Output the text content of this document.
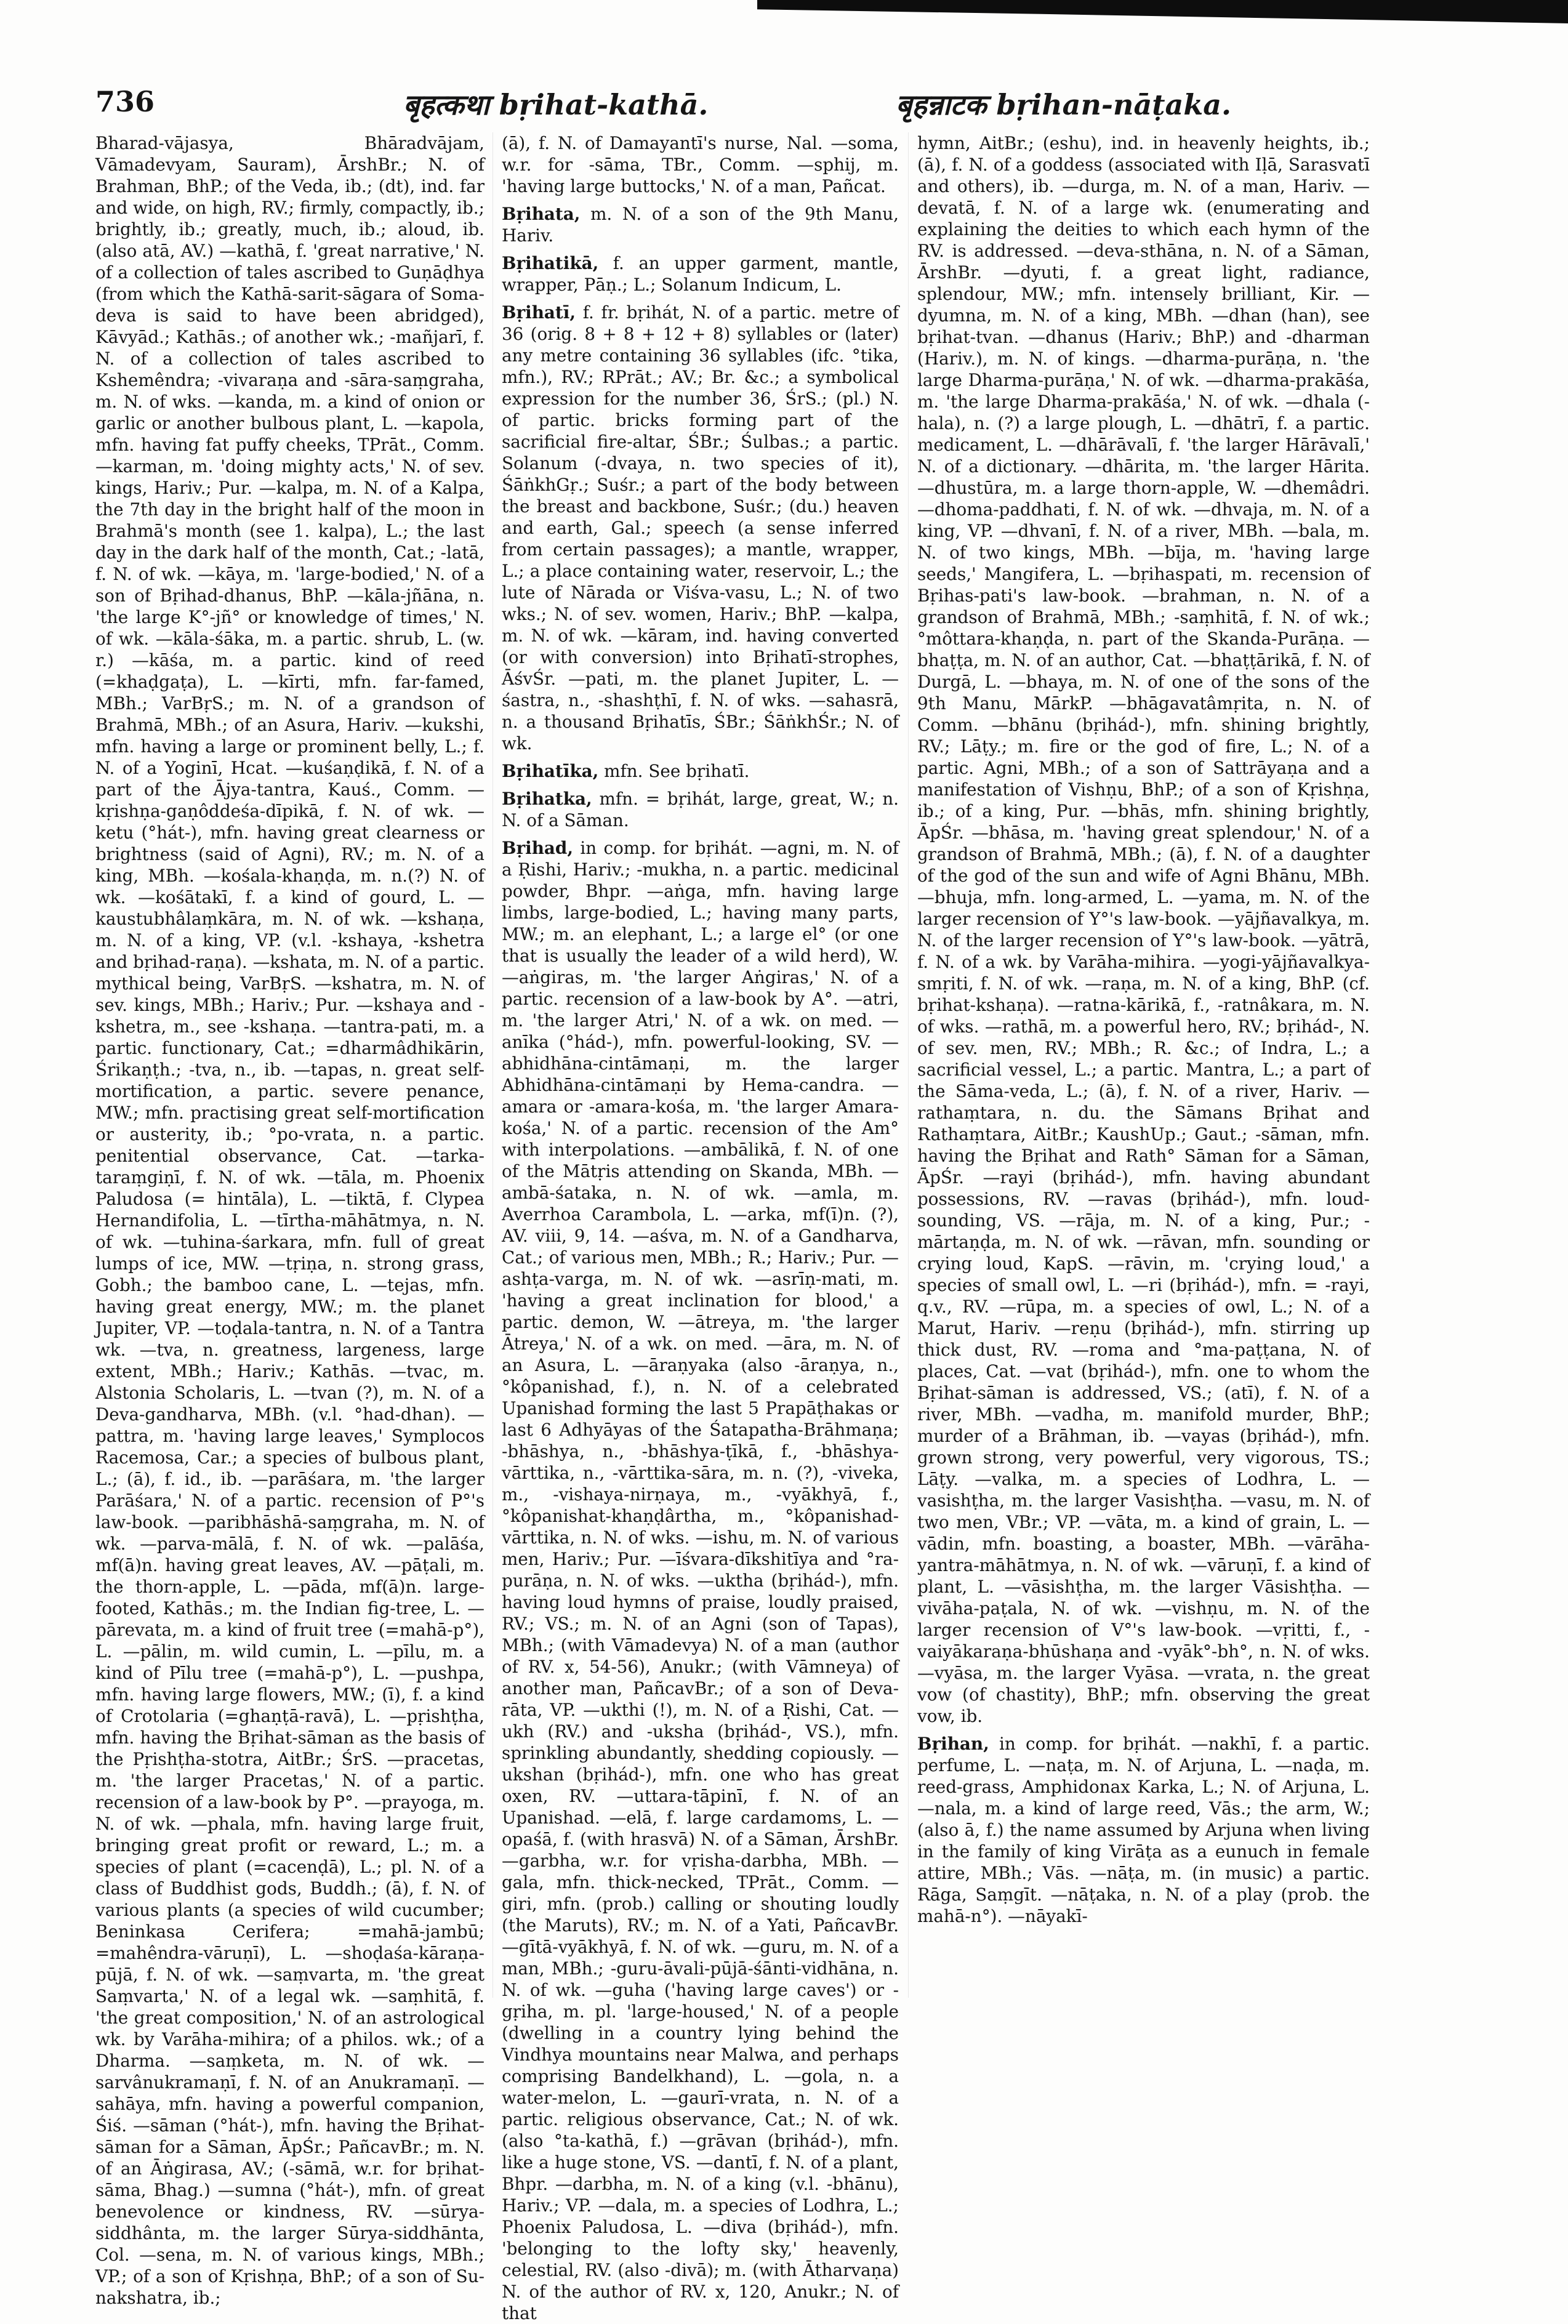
736	बृहत्कथा bṛihat-kathā.	बृहन्नाटक bṛihan-nāṭaka.

Bharad-vājasya, Bhāradvājam, Vāmadevyam, Sauram), ĀrshBr.; N. of Brahman, BhP.; of the Veda, ib.; (dt), ind. far and wide, on high, RV.; firmly, compactly, ib.; brightly, ib.; greatly, much, ib.; aloud, ib. (also atā, AV.) —kathā, f. 'great narrative,' N. of a collection of tales ascribed to Guṇāḍhya (from which the Kathā-sarit-sāgara of Soma-deva is said to have been abridged), Kāvyād.; Kathās.; of another wk.; -mañjarī, f. N. of a collection of tales ascribed to Kshemêndra; -vivaraṇa and -sāra-saṃgraha, m. N. of wks. —kanda, m. a kind of onion or garlic or another bulbous plant, L. —kapola, mfn. having fat puffy cheeks, TPrāt., Comm. —karman, m. 'doing mighty acts,' N. of sev. kings, Hariv.; Pur. —kalpa, m. N. of a Kalpa, the 7th day in the bright half of the moon in Brahmā's month (see 1. kalpa), L.; the last day in the dark half of the month, Cat.; -latā, f. N. of wk. —kāya, m. 'large-bodied,' N. of a son of Bṛihad-dhanus, BhP. —kāla-jñāna, n. 'the large K°-jñ° or knowledge of times,' N. of wk. —kāla-śāka, m. a partic. shrub, L. (w. r.) —kāśa, m. a partic. kind of reed (=khaḍgaṭa), L. —kīrti, mfn. far-famed, MBh.; VarBṛS.; m. N. of a grandson of Brahmā, MBh.; of an Asura, Hariv. —kukshi, mfn. having a large or prominent belly, L.; f. N. of a Yoginī, Hcat. —kuśaṇḍikā, f. N. of a part of the Ājya-tantra, Kauś., Comm. —kṛishṇa-gaṇôddeśa-dīpikā, f. N. of wk. —ketu (°hát-), mfn. having great clearness or brightness (said of Agni), RV.; m. N. of a king, MBh. —kośala-khaṇḍa, m. n.(?) N. of wk. —kośātakī, f. a kind of gourd, L. —kaustubhâlaṃkāra, m. N. of wk. —kshaṇa, m. N. of a king, VP. (v.l. -kshaya, -kshetra and bṛihad-raṇa). —kshata, m. N. of a partic. mythical being, VarBṛS. —kshatra, m. N. of sev. kings, MBh.; Hariv.; Pur. —kshaya and -kshetra, m., see -kshaṇa. —tantra-pati, m. a partic. functionary, Cat.; =dharmâdhikārin, Śrikaṇṭh.; -tva, n., ib. —tapas, n. great self-mortification, a partic. severe penance, MW.; mfn. practising great self-mortification or austerity, ib.; °po-vrata, n. a partic. penitential observance, Cat. —tarka-taraṃgiṇī, f. N. of wk. —tāla, m. Phoenix Paludosa (= hintāla), L. —tiktā, f. Clypea Hernandifolia, L. —tīrtha-māhātmya, n. N. of wk. —tuhina-śarkara, mfn. full of great lumps of ice, MW. —tṛiṇa, n. strong grass, Gobh.; the bamboo cane, L. —tejas, mfn. having great energy, MW.; m. the planet Jupiter, VP. —toḍala-tantra, n. N. of a Tantra wk. —tva, n. greatness, largeness, large extent, MBh.; Hariv.; Kathās. —tvac, m. Alstonia Scholaris, L. —tvan (?), m. N. of a Deva-gandharva, MBh. (v.l. °had-dhan). —pattra, m. 'having large leaves,' Symplocos Racemosa, Car.; a species of bulbous plant, L.; (ā), f. id., ib. —parāśara, m. 'the larger Parāśara,' N. of a partic. recension of P°'s law-book. —paribhāshā-saṃgraha, m. N. of wk. —parva-mālā, f. N. of wk. —palāśa, mf(ā)n. having great leaves, AV. —pāṭali, m. the thorn-apple, L. —pāda, mf(ā)n. large-footed, Kathās.; m. the Indian fig-tree, L. —pārevata, m. a kind of fruit tree (=mahā-p°), L. —pālin, m. wild cumin, L. —pīlu, m. a kind of Pīlu tree (=mahā-p°), L. —pushpa, mfn. having large flowers, MW.; (ī), f. a kind of Crotolaria (=ghaṇṭā-ravā), L. —pṛishṭha, mfn. having the Bṛihat-sāman as the basis of the Pṛishṭha-stotra, AitBr.; ŚrS. —pracetas, m. 'the larger Pracetas,' N. of a partic. recension of a law-book by P°. —prayoga, m. N. of wk. —phala, mfn. having large fruit, bringing great profit or reward, L.; m. a species of plant (=cacenḍā), L.; pl. N. of a class of Buddhist gods, Buddh.; (ā), f. N. of various plants (a species of wild cucumber; Beninkasa Cerifera; =mahā-jambū; =mahêndra-vāruṇī), L. —shoḍaśa-kāraṇa-pūjā, f. N. of wk. —saṃvarta, m. 'the great Saṃvarta,' N. of a legal wk. —saṃhitā, f. 'the great composition,' N. of an astrological wk. by Varāha-mihira; of a philos. wk.; of a Dharma. —saṃketa, m. N. of wk. —sarvânukramaṇī, f. N. of an Anukramaṇī. —sahāya, mfn. having a powerful companion, Śiś. —sāman (°hát-), mfn. having the Bṛihat-sāman for a Sāman, ĀpŚr.; PañcavBr.; m. N. of an Āṅgirasa, AV.; (-sāmā, w.r. for bṛihat-sāma, Bhag.) —sumna (°hát-), mfn. of great benevolence or kindness, RV. —sūrya-siddhânta, m. the larger Sūrya-siddhānta, Col. —sena, m. N. of various kings, MBh.; VP.; of a son of Kṛishṇa, BhP.; of a son of Su-nakshatra, ib.;

(ā), f. N. of Damayantī's nurse, Nal. —soma, w.r. for -sāma, TBr., Comm. —sphij, m. 'having large buttocks,' N. of a man, Pañcat.

Bṛihata, m. N. of a son of the 9th Manu, Hariv.

Bṛihatikā, f. an upper garment, mantle, wrapper, Pāṇ.; L.; Solanum Indicum, L.

Bṛihatī, f. fr. bṛihát, N. of a partic. metre of 36 (orig. 8 + 8 + 12 + 8) syllables or (later) any metre containing 36 syllables (ifc. °tika, mfn.), RV.; RPrāt.; AV.; Br. &c.; a symbolical expression for the number 36, ŚrS.; (pl.) N. of partic. bricks forming part of the sacrificial fire-altar, ŚBr.; Śulbas.; a partic. Solanum (-dvaya, n. two species of it), ŚāṅkhGṛ.; Suśr.; a part of the body between the breast and backbone, Suśr.; (du.) heaven and earth, Gal.; speech (a sense inferred from certain passages); a mantle, wrapper, L.; a place containing water, reservoir, L.; the lute of Nārada or Viśva-vasu, L.; N. of two wks.; N. of sev. women, Hariv.; BhP. —kalpa, m. N. of wk. —kāram, ind. having converted (or with conversion) into Bṛihatī-strophes, ĀśvŚr. —pati, m. the planet Jupiter, L. —śastra, n., -shashṭhī, f. N. of wks. —sahasrā, n. a thousand Bṛihatīs, ŚBr.; ŚāṅkhŚr.; N. of wk.

Bṛihatīka, mfn. See bṛihatī.

Bṛihatka, mfn. = bṛihát, large, great, W.; n. N. of a Sāman.

Bṛihad, in comp. for bṛihát. —agni, m. N. of a Ṛishi, Hariv.; -mukha, n. a partic. medicinal powder, Bhpr. —aṅga, mfn. having large limbs, large-bodied, L.; having many parts, MW.; m. an elephant, L.; a large el° (or one that is usually the leader of a wild herd), W. —aṅgiras, m. 'the larger Aṅgiras,' N. of a partic. recension of a law-book by A°. —atri, m. 'the larger Atri,' N. of a wk. on med. —anīka (°hád-), mfn. powerful-looking, SV. —abhidhāna-cintāmaṇi, m. the larger Abhidhāna-cintāmaṇi by Hema-candra. —amara or -amara-kośa, m. 'the larger Amara-kośa,' N. of a partic. recension of the Am° with interpolations. —ambālikā, f. N. of one of the Mātṛis attending on Skanda, MBh. —ambā-śataka, n. N. of wk. —amla, m. Averrhoa Carambola, L. —arka, mf(ī)n. (?), AV. viii, 9, 14. —aśva, m. N. of a Gandharva, Cat.; of various men, MBh.; R.; Hariv.; Pur. —ashṭa-varga, m. N. of wk. —asrīṇ-mati, m. 'having a great inclination for blood,' a partic. demon, W. —ātreya, m. 'the larger Ātreya,' N. of a wk. on med. —āra, m. N. of an Asura, L. —āraṇyaka (also -āraṇya, n., °kôpanishad, f.), n. N. of a celebrated Upanishad forming the last 5 Prapāṭhakas or last 6 Adhyāyas of the Śatapatha-Brāhmaṇa; -bhāshya, n., -bhāshya-ṭīkā, f., -bhāshya-vārttika, n., -vārttika-sāra, m. n. (?), -viveka, m., -vishaya-nirṇaya, m., -vyākhyā, f., °kôpanishat-khaṇḍârtha, m., °kôpanishad-vārttika, n. N. of wks. —ishu, m. N. of various men, Hariv.; Pur. —īśvara-dīkshitīya and °ra-purāṇa, n. N. of wks. —uktha (bṛihád-), mfn. having loud hymns of praise, loudly praised, RV.; VS.; m. N. of an Agni (son of Tapas), MBh.; (with Vāmadevya) N. of a man (author of RV. x, 54-56), Anukr.; (with Vāmneya) of another man, PañcavBr.; of a son of Deva-rāta, VP. —ukthi (!), m. N. of a Ṛishi, Cat. —ukh (RV.) and -uksha (bṛihád-, VS.), mfn. sprinkling abundantly, shedding copiously. —ukshan (bṛihád-), mfn. one who has great oxen, RV. —uttara-tāpinī, f. N. of an Upanishad. —elā, f. large cardamoms, L. —opaśā, f. (with hrasvā) N. of a Sāman, ĀrshBr. —garbha, w.r. for vṛisha-darbha, MBh. —gala, mfn. thick-necked, TPrāt., Comm. —giri, mfn. (prob.) calling or shouting loudly (the Maruts), RV.; m. N. of a Yati, PañcavBr. —gītā-vyākhyā, f. N. of wk. —guru, m. N. of a man, MBh.; -guru-āvali-pūjā-śānti-vidhāna, n. N. of wk. —guha ('having large caves') or -gṛiha, m. pl. 'large-housed,' N. of a people (dwelling in a country lying behind the Vindhya mountains near Malwa, and perhaps comprising Bandelkhand), L. —gola, n. a water-melon, L. —gaurī-vrata, n. N. of a partic. religious observance, Cat.; N. of wk. (also °ta-kathā, f.) —grāvan (bṛihád-), mfn. like a huge stone, VS. —dantī, f. N. of a plant, Bhpr. —darbha, m. N. of a king (v.l. -bhānu), Hariv.; VP. —dala, m. a species of Lodhra, L.; Phoenix Paludosa, L. —diva (bṛihád-), mfn. 'belonging to the lofty sky,' heavenly, celestial, RV. (also -divā); m. (with Ātharvaṇa) N. of the author of RV. x, 120, Anukr.; N. of that

hymn, AitBr.; (eshu), ind. in heavenly heights, ib.; (ā), f. N. of a goddess (associated with Iḷā, Sarasvatī and others), ib. —durga, m. N. of a man, Hariv. —devatā, f. N. of a large wk. (enumerating and explaining the deities to which each hymn of the RV. is addressed. —deva-sthāna, n. N. of a Sāman, ĀrshBr. —dyuti, f. a great light, radiance, splendour, MW.; mfn. intensely brilliant, Kir. —dyumna, m. N. of a king, MBh. —dhan (han), see bṛihat-tvan. —dhanus (Hariv.; BhP.) and -dharman (Hariv.), m. N. of kings. —dharma-purāṇa, n. 'the large Dharma-purāṇa,' N. of wk. —dharma-prakāśa, m. 'the large Dharma-prakāśa,' N. of wk. —dhala (-hala), n. (?) a large plough, L. —dhātrī, f. a partic. medicament, L. —dhārāvalī, f. 'the larger Hārāvalī,' N. of a dictionary. —dhārita, m. 'the larger Hārita. —dhustūra, m. a large thorn-apple, W. —dhemâdri. —dhoma-paddhati, f. N. of wk. —dhvaja, m. N. of a king, VP. —dhvanī, f. N. of a river, MBh. —bala, m. N. of two kings, MBh. —bīja, m. 'having large seeds,' Mangifera, L. —bṛihaspati, m. recension of Bṛihas-pati's law-book. —brahman, n. N. of a grandson of Brahmā, MBh.; -saṃhitā, f. N. of wk.; °môttara-khaṇḍa, n. part of the Skanda-Purāṇa. —bhaṭṭa, m. N. of an author, Cat. —bhaṭṭārikā, f. N. of Durgā, L. —bhaya, m. N. of one of the sons of the 9th Manu, MārkP. —bhāgavatâmṛita, n. N. of Comm. —bhānu (bṛihád-), mfn. shining brightly, RV.; Lāṭy.; m. fire or the god of fire, L.; N. of a partic. Agni, MBh.; of a son of Sattrāyaṇa and a manifestation of Vishṇu, BhP.; of a son of Kṛishṇa, ib.; of a king, Pur. —bhās, mfn. shining brightly, ĀpŚr. —bhāsa, m. 'having great splendour,' N. of a grandson of Brahmā, MBh.; (ā), f. N. of a daughter of the god of the sun and wife of Agni Bhānu, MBh. —bhuja, mfn. long-armed, L. —yama, m. N. of the larger recension of Y°'s law-book. —yājñavalkya, m. N. of the larger recension of Y°'s law-book. —yātrā, f. N. of a wk. by Varāha-mihira. —yogi-yājñavalkya-smṛiti, f. N. of wk. —raṇa, m. N. of a king, BhP. (cf. bṛihat-kshaṇa). —ratna-kārikā, f., -ratnâkara, m. N. of wks. —rathā, m. a powerful hero, RV.; bṛihád-, N. of sev. men, RV.; MBh.; R. &c.; of Indra, L.; a sacrificial vessel, L.; a partic. Mantra, L.; a part of the Sāma-veda, L.; (ā), f. N. of a river, Hariv. —rathaṃtara, n. du. the Sāmans Bṛihat and Rathaṃtara, AitBr.; KaushUp.; Gaut.; -sāman, mfn. having the Bṛihat and Rath° Sāman for a Sāman, ĀpŚr. —rayi (bṛihád-), mfn. having abundant possessions, RV. —ravas (bṛihád-), mfn. loud-sounding, VS. —rāja, m. N. of a king, Pur.; -mārtaṇḍa, m. N. of wk. —rāvan, mfn. sounding or crying loud, KapS. —rāvin, m. 'crying loud,' a species of small owl, L. —ri (bṛihád-), mfn. = -rayi, q.v., RV. —rūpa, m. a species of owl, L.; N. of a Marut, Hariv. —reṇu (bṛihád-), mfn. stirring up thick dust, RV. —roma and °ma-paṭṭana, N. of places, Cat. —vat (bṛihád-), mfn. one to whom the Bṛihat-sāman is addressed, VS.; (atī), f. N. of a river, MBh. —vadha, m. manifold murder, BhP.; murder of a Brāhman, ib. —vayas (bṛihád-), mfn. grown strong, very powerful, very vigorous, TS.; Lāṭy. —valka, m. a species of Lodhra, L. —vasishṭha, m. the larger Vasishṭha. —vasu, m. N. of two men, VBr.; VP. —vāta, m. a kind of grain, L. —vādin, mfn. boasting, a boaster, MBh. —vārāha-yantra-māhātmya, n. N. of wk. —vāruṇī, f. a kind of plant, L. —vāsishṭha, m. the larger Vāsishṭha. —vivāha-paṭala, N. of wk. —vishṇu, m. N. of the larger recension of V°'s law-book. —vṛitti, f., -vaiyākaraṇa-bhūshaṇa and -vyāk°-bh°, n. N. of wks. —vyāsa, m. the larger Vyāsa. —vrata, n. the great vow (of chastity), BhP.; mfn. observing the great vow, ib.

Bṛihan, in comp. for bṛihát. —nakhī, f. a partic. perfume, L. —naṭa, m. N. of Arjuna, L. —naḍa, m. reed-grass, Amphidonax Karka, L.; N. of Arjuna, L. —nala, m. a kind of large reed, Vās.; the arm, W.; (also ā, f.) the name assumed by Arjuna when living in the family of king Virāṭa as a eunuch in female attire, MBh.; Vās. —nāṭa, m. (in music) a partic. Rāga, Saṃgīt. —nāṭaka, n. N. of a play (prob. the mahā-n°). —nāyakī-
